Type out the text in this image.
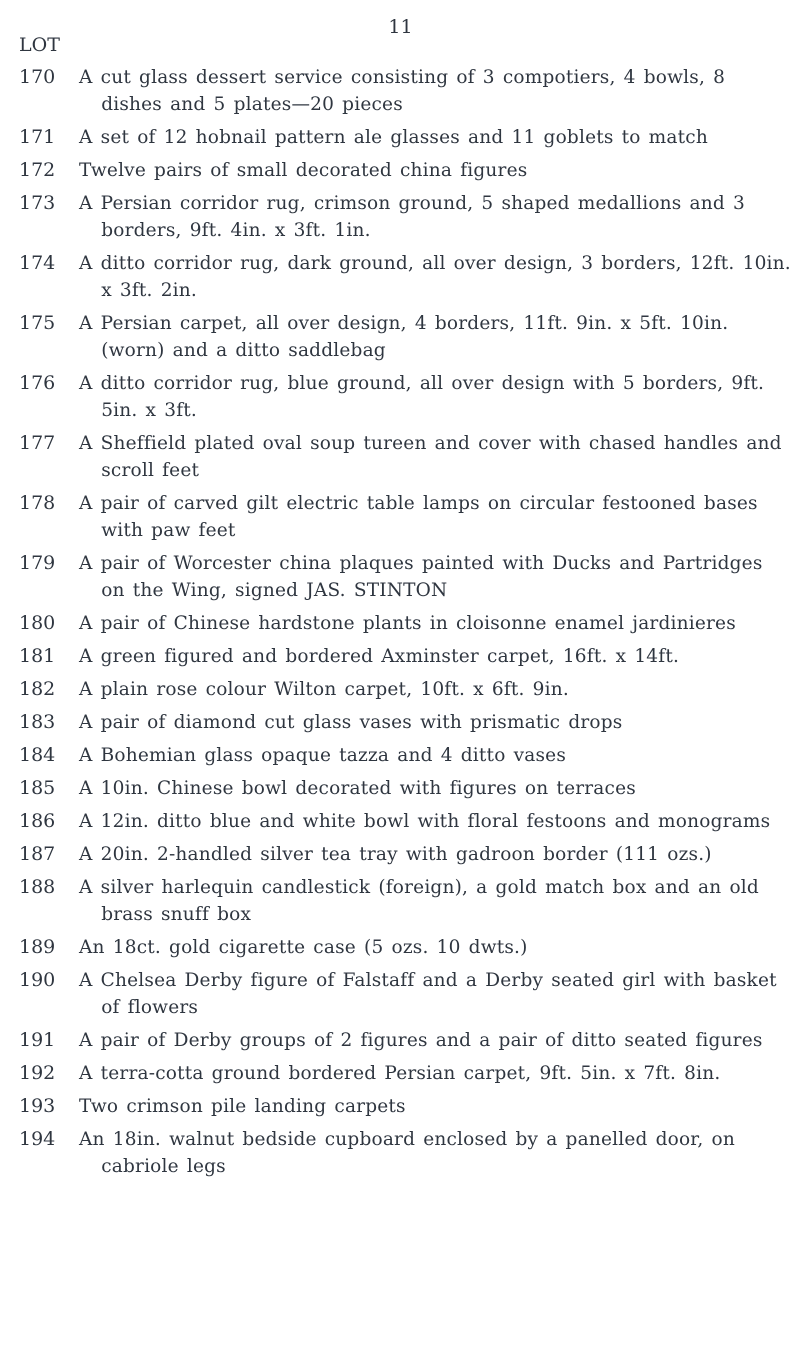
11
LOT
170	A cut glass dessert service consisting of 3 compotiers, 4 bowls, 8 dishes and 5 plates—20 pieces
171	A set of 12 hobnail pattern ale glasses and 11 goblets to match
172	Twelve pairs of small decorated china figures
173	A Persian corridor rug, crimson ground, 5 shaped medallions and 3 borders, 9ft. 4in. x 3ft. 1in.
174	A ditto corridor rug, dark ground, all over design, 3 borders, 12ft. 10in. x 3ft. 2in.
175	A Persian carpet, all over design, 4 borders, 11ft. 9in. x 5ft. 10in. (worn) and a ditto saddlebag
176	A ditto corridor rug, blue ground, all over design with 5 borders, 9ft. 5in. x 3ft.
177	A Sheffield plated oval soup tureen and cover with chased handles and scroll feet
178	A pair of carved gilt electric table lamps on circular festooned bases with paw feet
179	A pair of Worcester china plaques painted with Ducks and Partridges on the Wing, signed JAS. STINTON
180	A pair of Chinese hardstone plants in cloisonne enamel jardinieres
181	A green figured and bordered Axminster carpet, 16ft. x 14ft.
182	A plain rose colour Wilton carpet, 10ft. x 6ft. 9in.
183	A pair of diamond cut glass vases with prismatic drops
184	A Bohemian glass opaque tazza and 4 ditto vases
185	A 10in. Chinese bowl decorated with figures on terraces
186	A 12in. ditto blue and white bowl with floral festoons and monograms
187	A 20in. 2-handled silver tea tray with gadroon border (111 ozs.)
188	A silver harlequin candlestick (foreign), a gold match box and an old brass snuff box
189	An 18ct. gold cigarette case (5 ozs. 10 dwts.)
190	A Chelsea Derby figure of Falstaff and a Derby seated girl with basket of flowers
191	A pair of Derby groups of 2 figures and a pair of ditto seated figures
192	A terra-cotta ground bordered Persian carpet, 9ft. 5in. x 7ft. 8in.
193	Two crimson pile landing carpets
194	An 18in. walnut bedside cupboard enclosed by a panelled door, on cabriole legs
